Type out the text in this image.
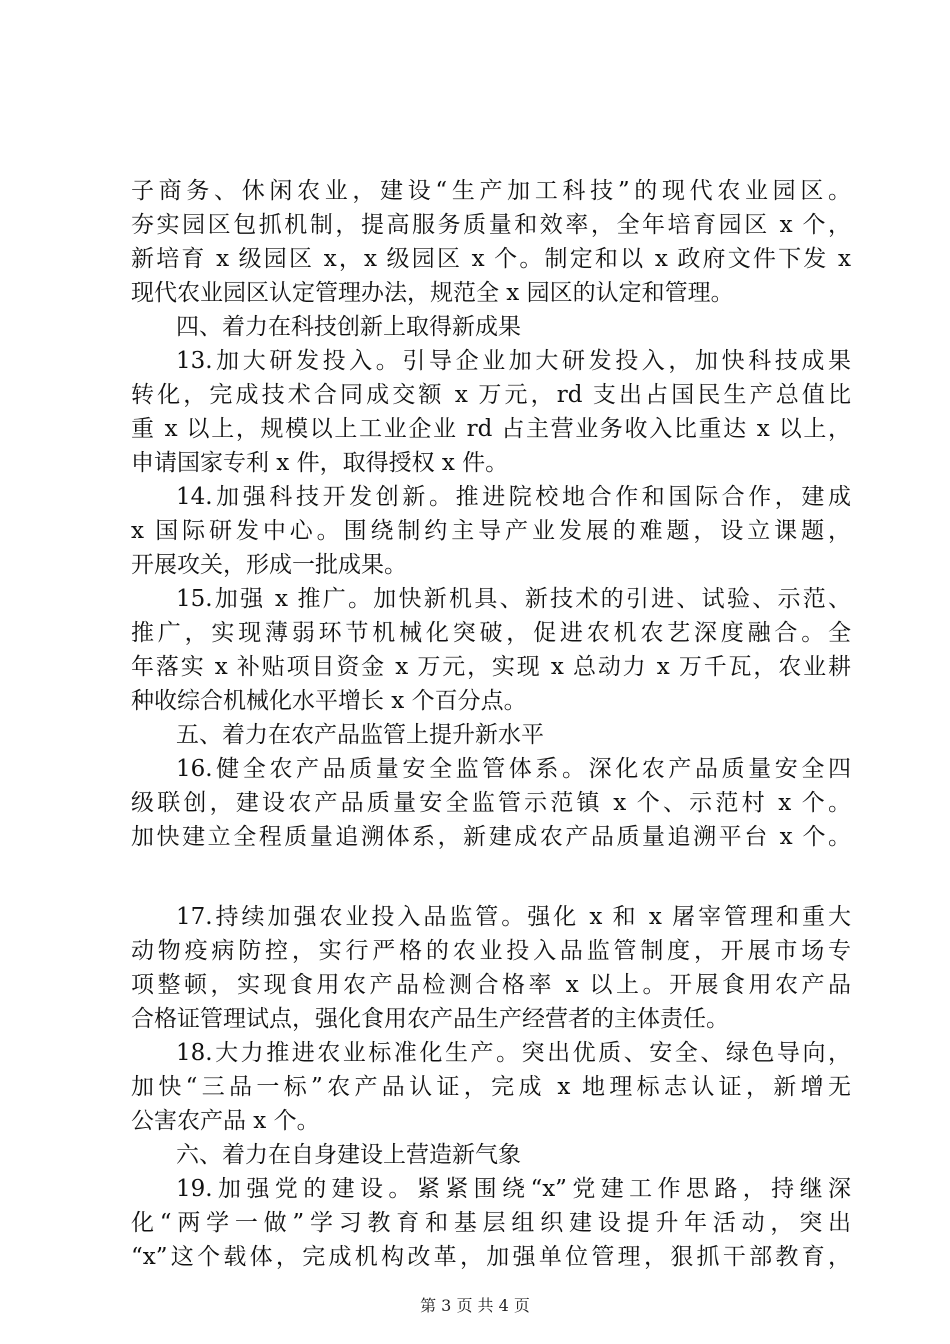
子商务、休闲农业，建设“生产加工科技”的现代农业园区。
夯实园区包抓机制，提高服务质量和效率，全年培育园区 x 个，
新培育 x 级园区 x，x 级园区 x 个。制定和以 x 政府文件下发 x
现代农业园区认定管理办法，规范全 x 园区的认定和管理。
四、着力在科技创新上取得新成果
13.加大研发投入。引导企业加大研发投入，加快科技成果
转化，完成技术合同成交额 x 万元，rd 支出占国民生产总值比
重 x 以上，规模以上工业企业 rd 占主营业务收入比重达 x 以上，
申请国家专利 x 件，取得授权 x 件。
14.加强科技开发创新。推进院校地合作和国际合作，建成
x 国际研发中心。围绕制约主导产业发展的难题，设立课题，
开展攻关，形成一批成果。
15.加强 x 推广。加快新机具、新技术的引进、试验、示范、
推广，实现薄弱环节机械化突破，促进农机农艺深度融合。全
年落实 x 补贴项目资金 x 万元，实现 x 总动力 x 万千瓦，农业耕
种收综合机械化水平增长 x 个百分点。
五、着力在农产品监管上提升新水平
16.健全农产品质量安全监管体系。深化农产品质量安全四
级联创，建设农产品质量安全监管示范镇 x 个、示范村 x 个。
加快建立全程质量追溯体系，新建成农产品质量追溯平台 x 个。
17.持续加强农业投入品监管。强化 x 和 x 屠宰管理和重大
动物疫病防控，实行严格的农业投入品监管制度，开展市场专
项整顿，实现食用农产品检测合格率 x 以上。开展食用农产品
合格证管理试点，强化食用农产品生产经营者的主体责任。
18.大力推进农业标准化生产。突出优质、安全、绿色导向，
加快“三品一标”农产品认证，完成 x 地理标志认证，新增无
公害农产品 x 个。
六、着力在自身建设上营造新气象
19.加强党的建设。紧紧围绕“x”党建工作思路，持继深
化“两学一做”学习教育和基层组织建设提升年活动，突出
“x”这个载体，完成机构改革，加强单位管理，狠抓干部教育，
第 3 页 共 4 页
